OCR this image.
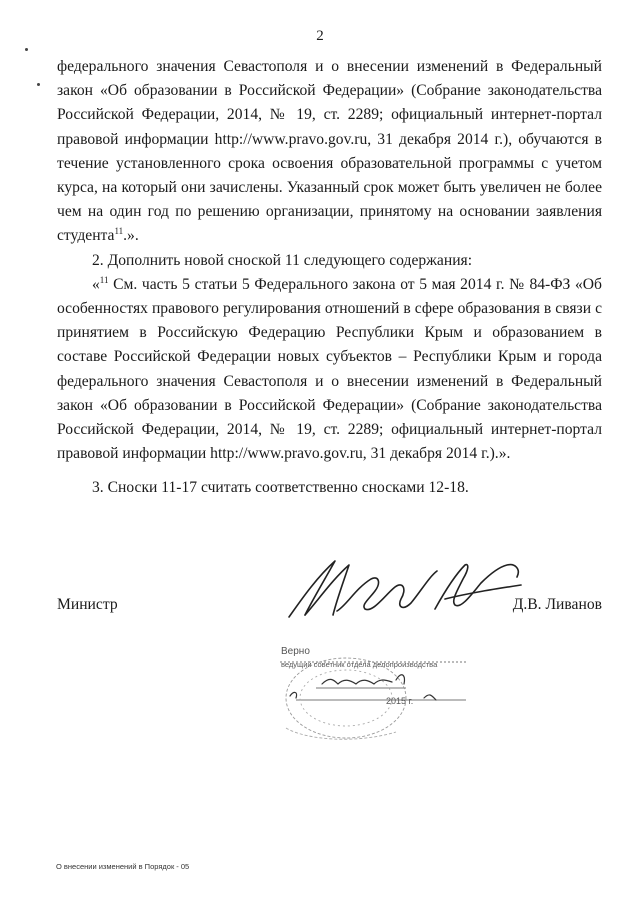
2

федерального значения Севастополя и о внесении изменений в Федеральный закон «Об образовании в Российской Федерации» (Собрание законодательства Российской Федерации, 2014, № 19, ст. 2289; официальный интернет-портал правовой информации http://www.pravo.gov.ru, 31 декабря 2014 г.), обучаются в течение установленного срока освоения образовательной программы с учетом курса, на который они зачислены. Указанный срок может быть увеличен не более чем на один год по решению организации, принятому на основании заявления студента$^{11}$.».

2. Дополнить новой сноской 11 следующего содержания:

«$^{11}$ См. часть 5 статьи 5 Федерального закона от 5 мая 2014 г. № 84-ФЗ «Об особенностях правового регулирования отношений в сфере образования в связи с принятием в Российскую Федерацию Республики Крым и образованием в составе Российской Федерации новых субъектов – Республики Крым и города федерального значения Севастополя и о внесении изменений в Федеральный закон «Об образовании в Российской Федерации» (Собрание законодательства Российской Федерации, 2014, № 19, ст. 2289; официальный интернет-портал правовой информации http://www.pravo.gov.ru, 31 декабря 2014 г.).».

3. Сноски 11-17 считать соответственно сносками 12-18.

Министр	Д.В. Ливанов
Верно
ведущий советник отдела делопроизводства
2015 г.
О внесении изменений в Порядок - 05
